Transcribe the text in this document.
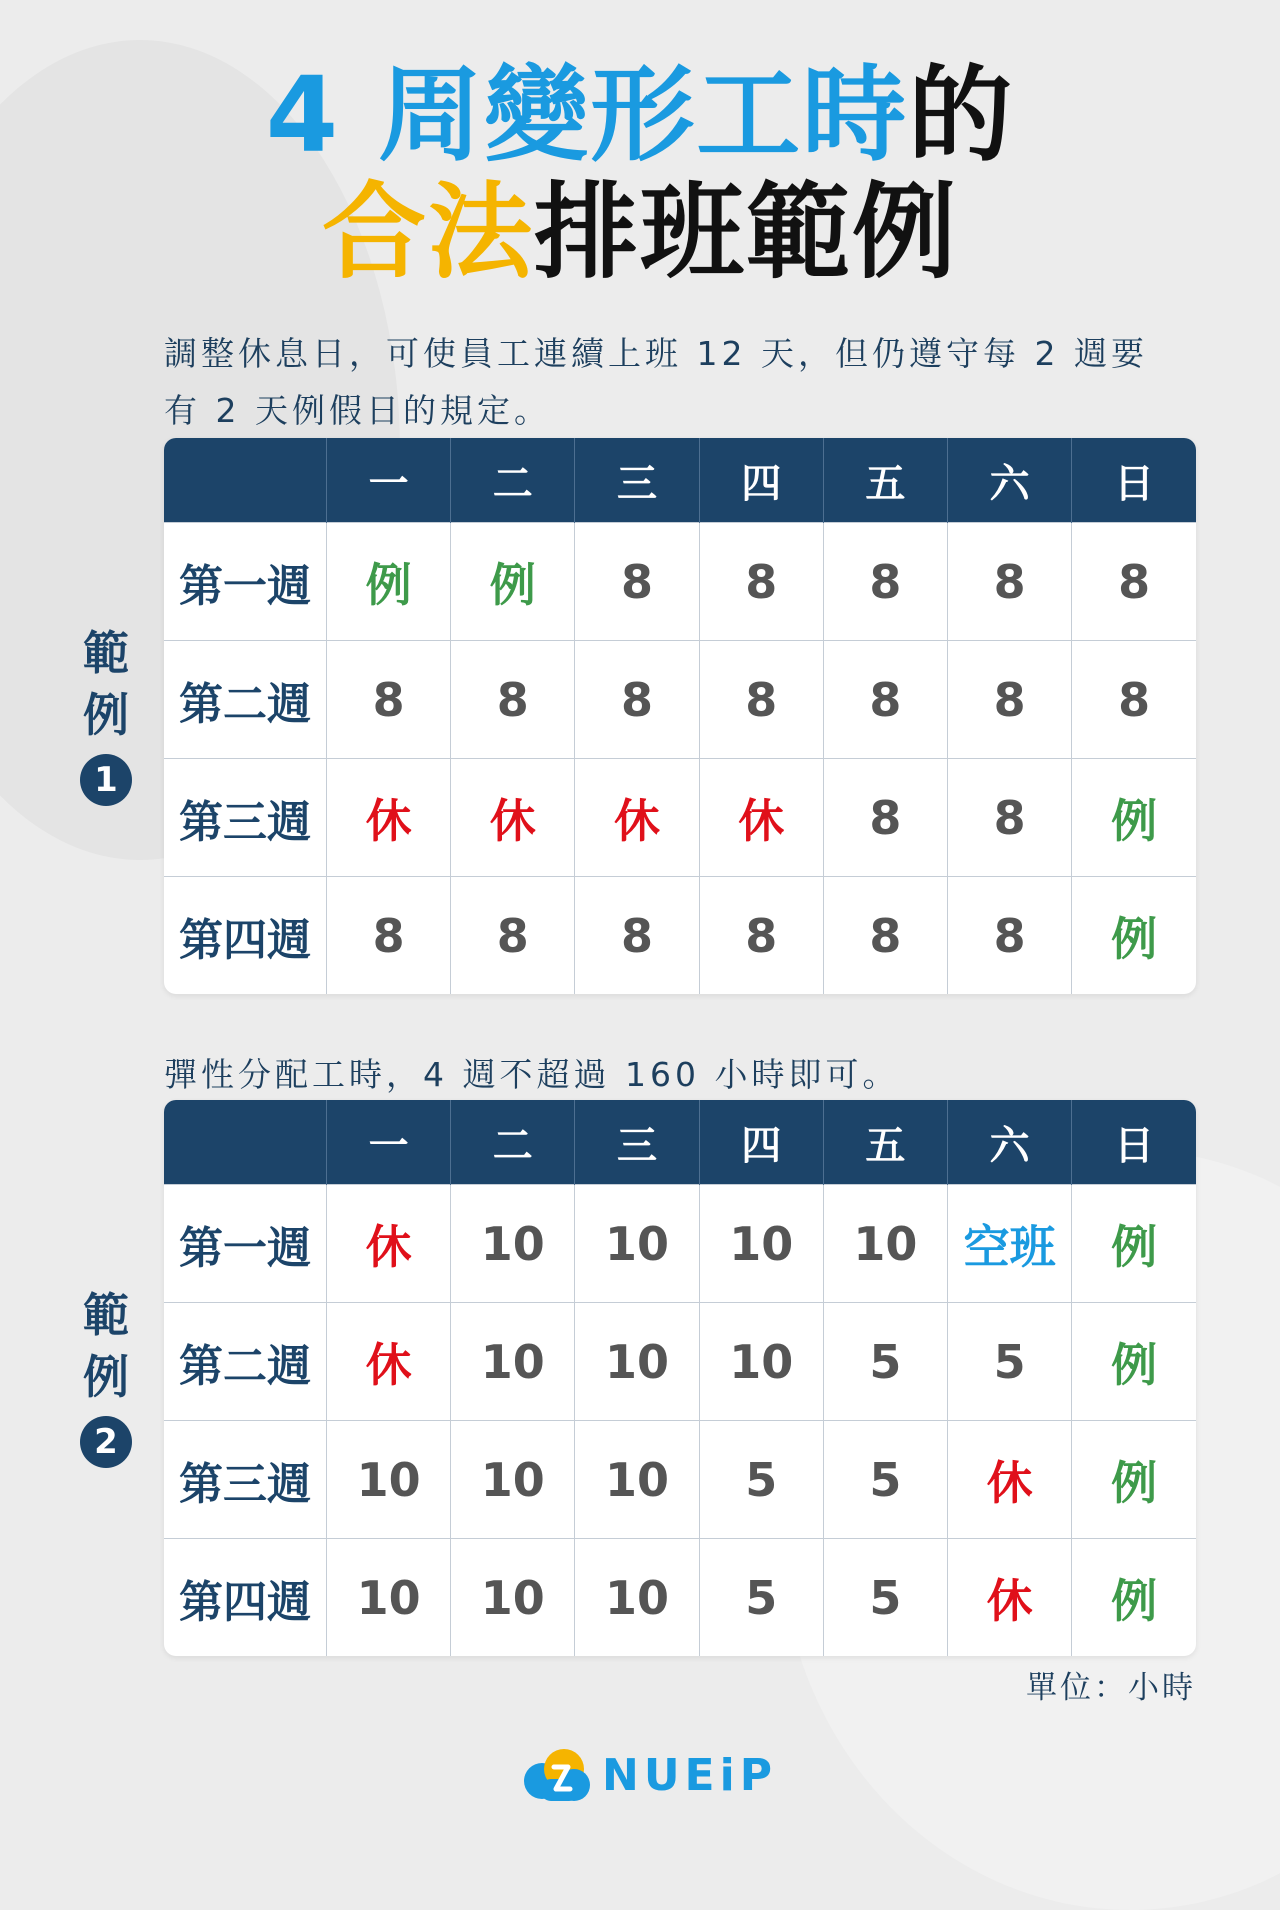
4 周變形工時的
合法排班範例
調整休息日，可使員工連續上班 12 天，但仍遵守每 2 週要
有 2 天例假日的規定。
範
例
1
	一	二	三	四	五	六	日
第一週	例	例	8	8	8	8	8
第二週	8	8	8	8	8	8	8
第三週	休	休	休	休	8	8	例
第四週	8	8	8	8	8	8	例
彈性分配工時，4 週不超過 160 小時即可。
範
例
2
	一	二	三	四	五	六	日
第一週	休	10	10	10	10	空班	例
第二週	休	10	10	10	5	5	例
第三週	10	10	10	5	5	休	例
第四週	10	10	10	5	5	休	例
單位：小時
NUEiP
